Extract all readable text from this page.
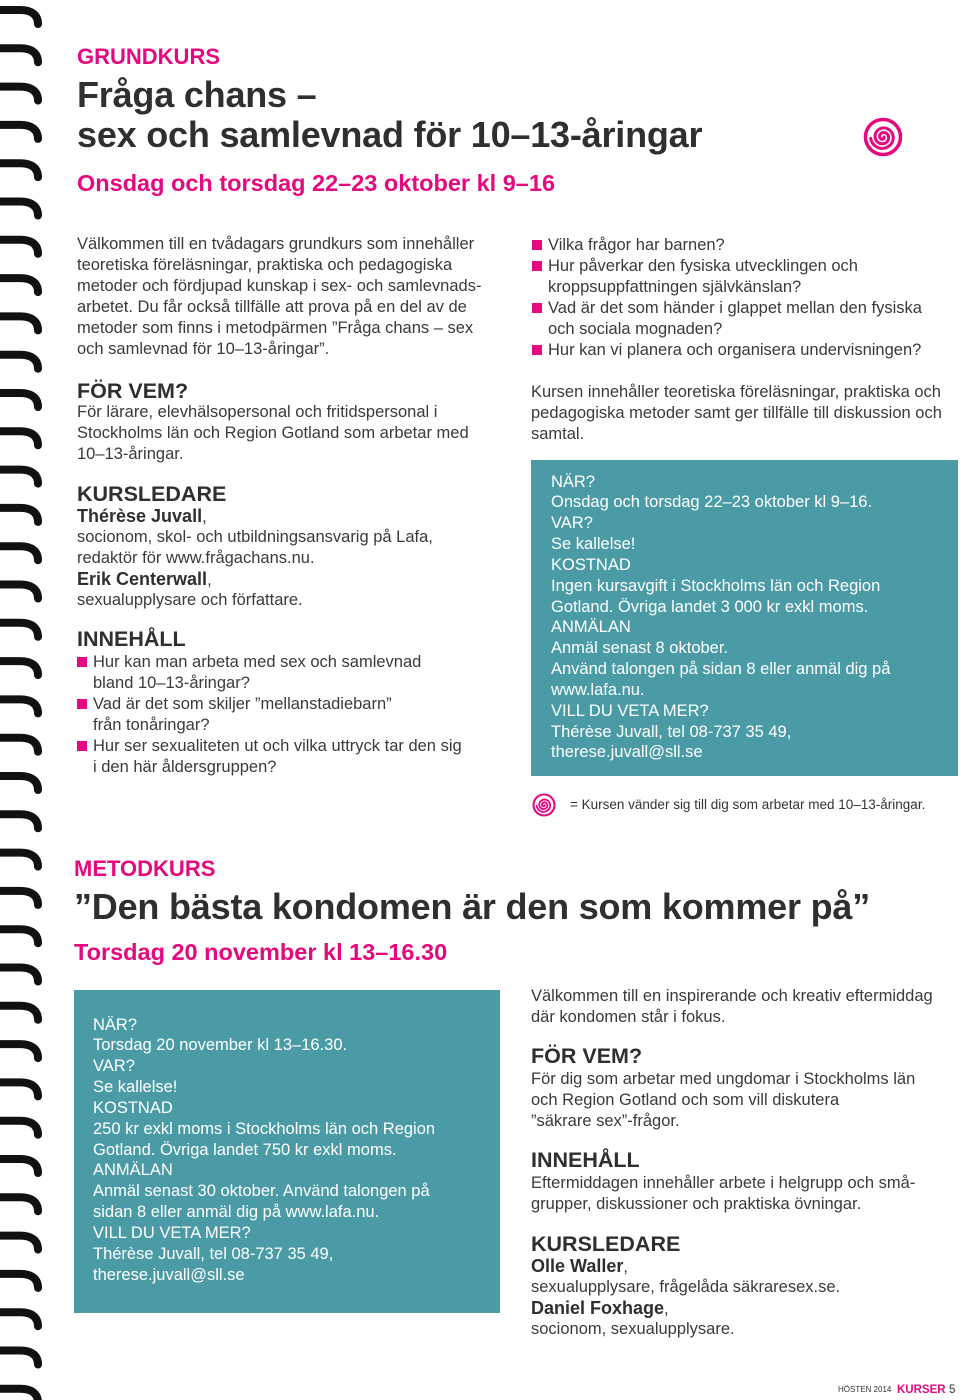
GRUNDKURS
Fråga chans –
sex och samlevnad för 10–13-åringar
Onsdag och torsdag 22–23 oktober kl 9–16
Välkommen till en tvådagars grundkurs som innehåller
teoretiska föreläsningar, praktiska och pedagogiska
metoder och fördjupad kunskap i sex- och samlevnads-
arbetet. Du får också tillfälle att prova på en del av de
metoder som finns i metodpärmen ”Fråga chans – sex
och samlevnad för 10–13-åringar”.
FÖR VEM?
För lärare, elevhälsopersonal och fritidspersonal i
Stockholms län och Region Gotland som arbetar med
10–13-åringar.
KURSLEDARE
Thérèse Juvall,
socionom, skol- och utbildningsansvarig på Lafa,
redaktör för www.frågachans.nu.
Erik Centerwall,
sexualupplysare och författare.
INNEHÅLL
Hur kan man arbeta med sex och samlevnad
bland 10–13-åringar?
Vad är det som skiljer ”mellanstadiebarn”
från tonåringar?
Hur ser sexualiteten ut och vilka uttryck tar den sig
i den här åldersgruppen?
Vilka frågor har barnen?
Hur påverkar den fysiska utvecklingen och
kroppsuppfattningen självkänslan?
Vad är det som händer i glappet mellan den fysiska
och sociala mognaden?
Hur kan vi planera och organisera undervisningen?
Kursen innehåller teoretiska föreläsningar, praktiska och
pedagogiska metoder samt ger tillfälle till diskussion och
samtal.
NÄR?
Onsdag och torsdag 22–23 oktober kl 9–16.
VAR?
Se kallelse!
KOSTNAD
Ingen kursavgift i Stockholms län och Region
Gotland. Övriga landet 3 000 kr exkl moms.
ANMÄLAN
Anmäl senast 8 oktober.
Använd talongen på sidan 8 eller anmäl dig på
www.lafa.nu.
VILL DU VETA MER?
Thérèse Juvall, tel 08-737 35 49,
therese.juvall@sll.se
= Kursen vänder sig till dig som arbetar med 10–13-åringar.
METODKURS
”Den bästa kondomen är den som kommer på”
Torsdag 20 november kl 13–16.30
NÄR?
Torsdag 20 november kl 13–16.30.
VAR?
Se kallelse!
KOSTNAD
250 kr exkl moms i Stockholms län och Region
Gotland. Övriga landet 750 kr exkl moms.
ANMÄLAN
Anmäl senast 30 oktober. Använd talongen på
sidan 8 eller anmäl dig på www.lafa.nu.
VILL DU VETA MER?
Thérèse Juvall, tel 08-737 35 49,
therese.juvall@sll.se
Välkommen till en inspirerande och kreativ eftermiddag
där kondomen står i fokus.
FÖR VEM?
För dig som arbetar med ungdomar i Stockholms län
och Region Gotland och som vill diskutera
”säkrare sex”-frågor.
INNEHÅLL
Eftermiddagen innehåller arbete i helgrupp och små-
grupper, diskussioner och praktiska övningar.
KURSLEDARE
Olle Waller,
sexualupplysare, frågelåda säkraresex.se.
Daniel Foxhage,
socionom, sexualupplysare.
HÖSTEN 2014 KURSER 5
